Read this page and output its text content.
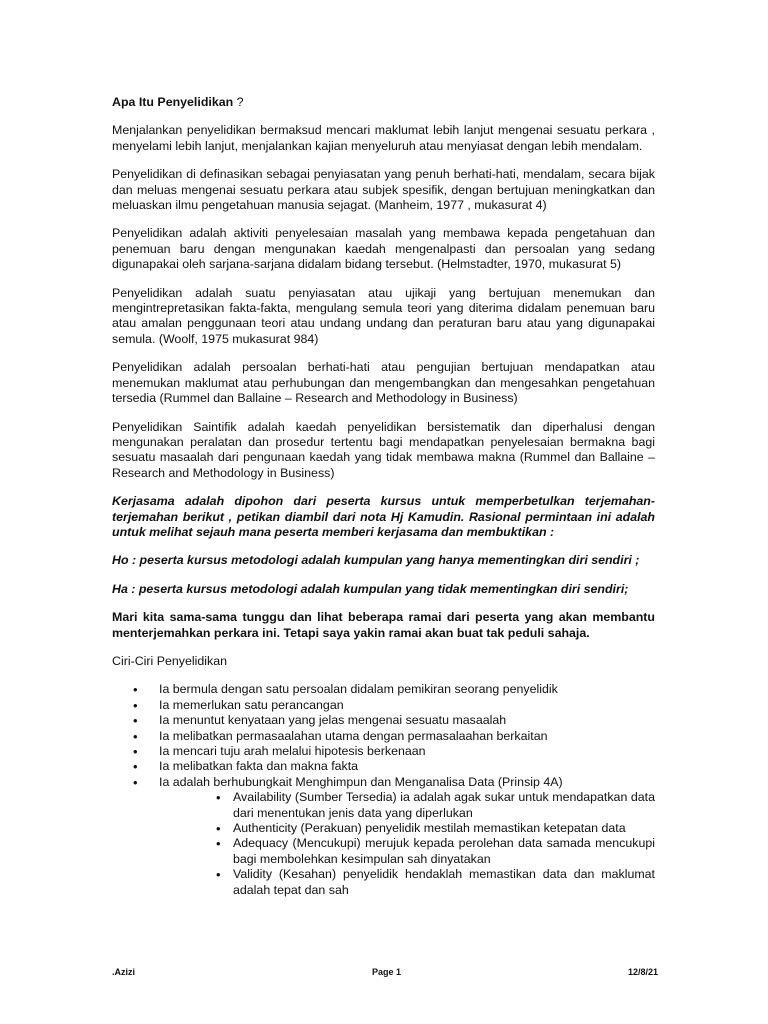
Apa Itu Penyelidikan ?

Menjalankan penyelidikan bermaksud mencari maklumat lebih lanjut mengenai sesuatu perkara , menyelami lebih lanjut, menjalankan kajian menyeluruh atau menyiasat dengan lebih mendalam.

Penyelidikan di definasikan sebagai penyiasatan yang penuh berhati-hati, mendalam, secara bijak dan meluas mengenai sesuatu perkara atau subjek spesifik, dengan bertujuan meningkatkan dan meluaskan ilmu pengetahuan manusia sejagat. (Manheim, 1977 , mukasurat 4)

Penyelidikan adalah aktiviti penyelesaian masalah yang membawa kepada pengetahuan dan penemuan baru dengan mengunakan kaedah mengenalpasti dan persoalan yang sedang digunapakai oleh sarjana-sarjana didalam bidang tersebut. (Helmstadter, 1970, mukasurat 5)

Penyelidikan adalah suatu penyiasatan atau ujikaji yang bertujuan menemukan dan mengintrepretasikan fakta-fakta, mengulang semula teori yang diterima didalam penemuan baru atau amalan penggunaan teori atau undang undang dan peraturan baru atau yang digunapakai semula. (Woolf, 1975 mukasurat 984)

Penyelidikan adalah persoalan berhati-hati atau pengujian bertujuan mendapatkan atau menemukan maklumat atau perhubungan dan mengembangkan dan mengesahkan pengetahuan tersedia (Rummel dan Ballaine – Research and Methodology in Business)

Penyelidikan Saintifik adalah kaedah penyelidikan bersistematik dan diperhalusi dengan mengunakan peralatan dan prosedur tertentu bagi mendapatkan penyelesaian bermakna bagi sesuatu masaalah dari pengunaan kaedah yang tidak membawa makna (Rummel dan Ballaine – Research and Methodology in Business)

Kerjasama adalah dipohon dari peserta kursus untuk memperbetulkan terjemahan-terjemahan berikut , petikan diambil dari nota Hj Kamudin. Rasional permintaan ini adalah untuk melihat sejauh mana peserta memberi kerjasama dan membuktikan :

Ho : peserta kursus metodologi adalah kumpulan yang hanya mementingkan diri sendiri ;

Ha : peserta kursus metodologi adalah kumpulan yang tidak mementingkan diri sendiri;

Mari kita sama-sama tunggu dan lihat beberapa ramai dari peserta yang akan membantu menterjemahkan perkara ini. Tetapi saya yakin ramai akan buat tak peduli sahaja.

Ciri-Ciri Penyelidikan
• Ia bermula dengan satu persoalan didalam pemikiran seorang penyelidik
• Ia memerlukan satu perancangan
• Ia menuntut kenyataan yang jelas mengenai sesuatu masaalah
• Ia melibatkan permasaalahan utama dengan permasalaahan berkaitan
• Ia mencari tuju arah melalui hipotesis berkenaan
• Ia melibatkan fakta dan makna fakta
• Ia adalah berhubungkait Menghimpun dan Menganalisa Data (Prinsip 4A)
• Availability (Sumber Tersedia) ia adalah agak sukar untuk mendapatkan data dari menentukan jenis data yang diperlukan
• Authenticity (Perakuan) penyelidik mestilah memastikan ketepatan data
• Adequacy (Mencukupi) merujuk kepada perolehan data samada mencukupi bagi membolehkan kesimpulan sah dinyatakan
• Validity (Kesahan) penyelidik hendaklah memastikan data dan maklumat adalah tepat dan sah
.Azizi	Page 1	12/8/21
